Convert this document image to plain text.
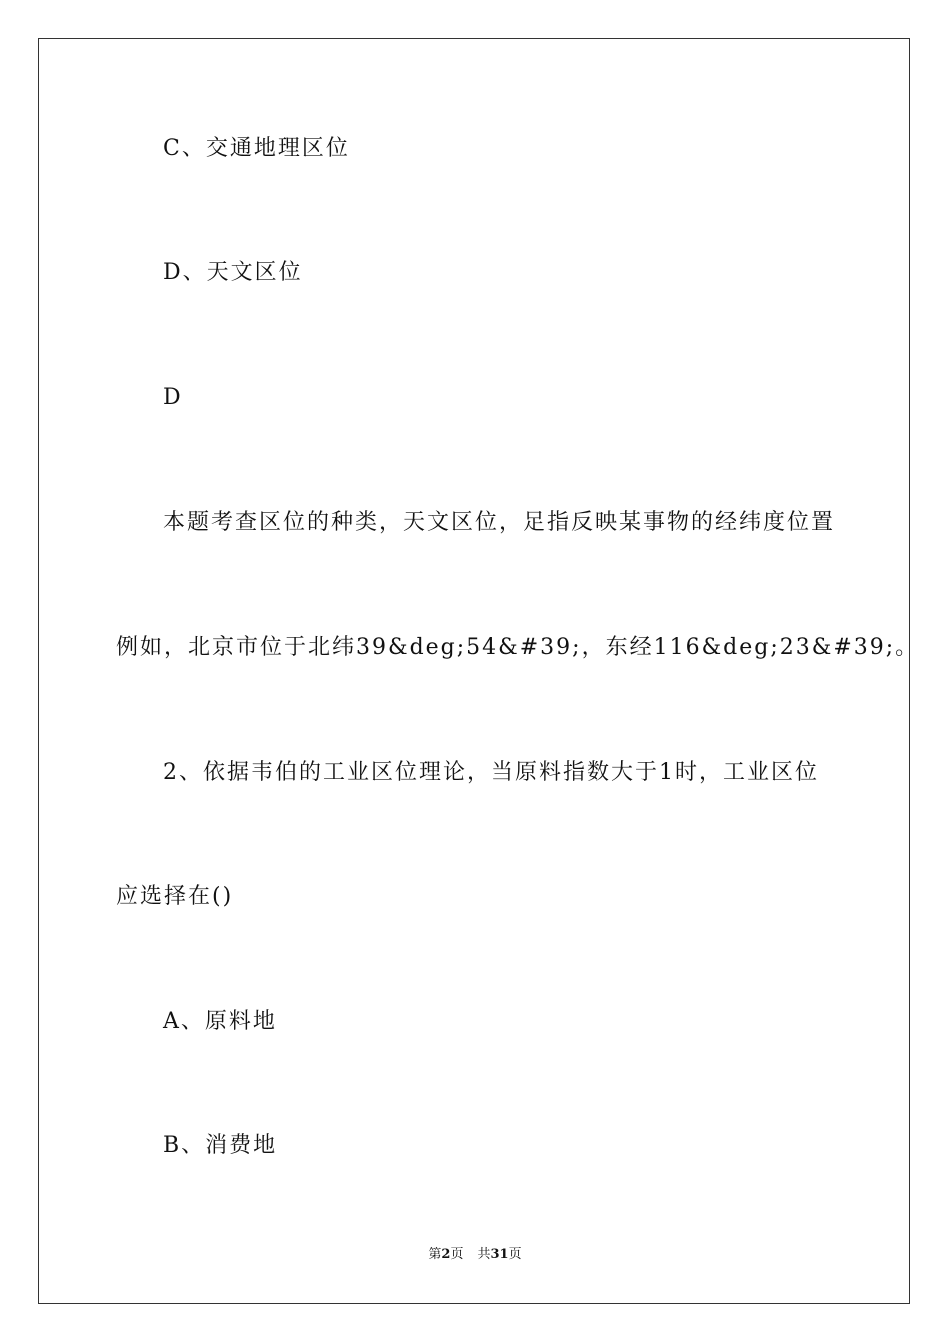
C、交通地理区位
D、天文区位
D
本题考查区位的种类，天文区位，足指反映某事物的经纬度位置
例如，北京市位于北纬39&deg;54&#39;，东经116&deg;23&#39;。
2、依据韦伯的工业区位理论，当原料指数大于1时，工业区位
应选择在()
A、原料地
B、消费地
第2页 共31页
